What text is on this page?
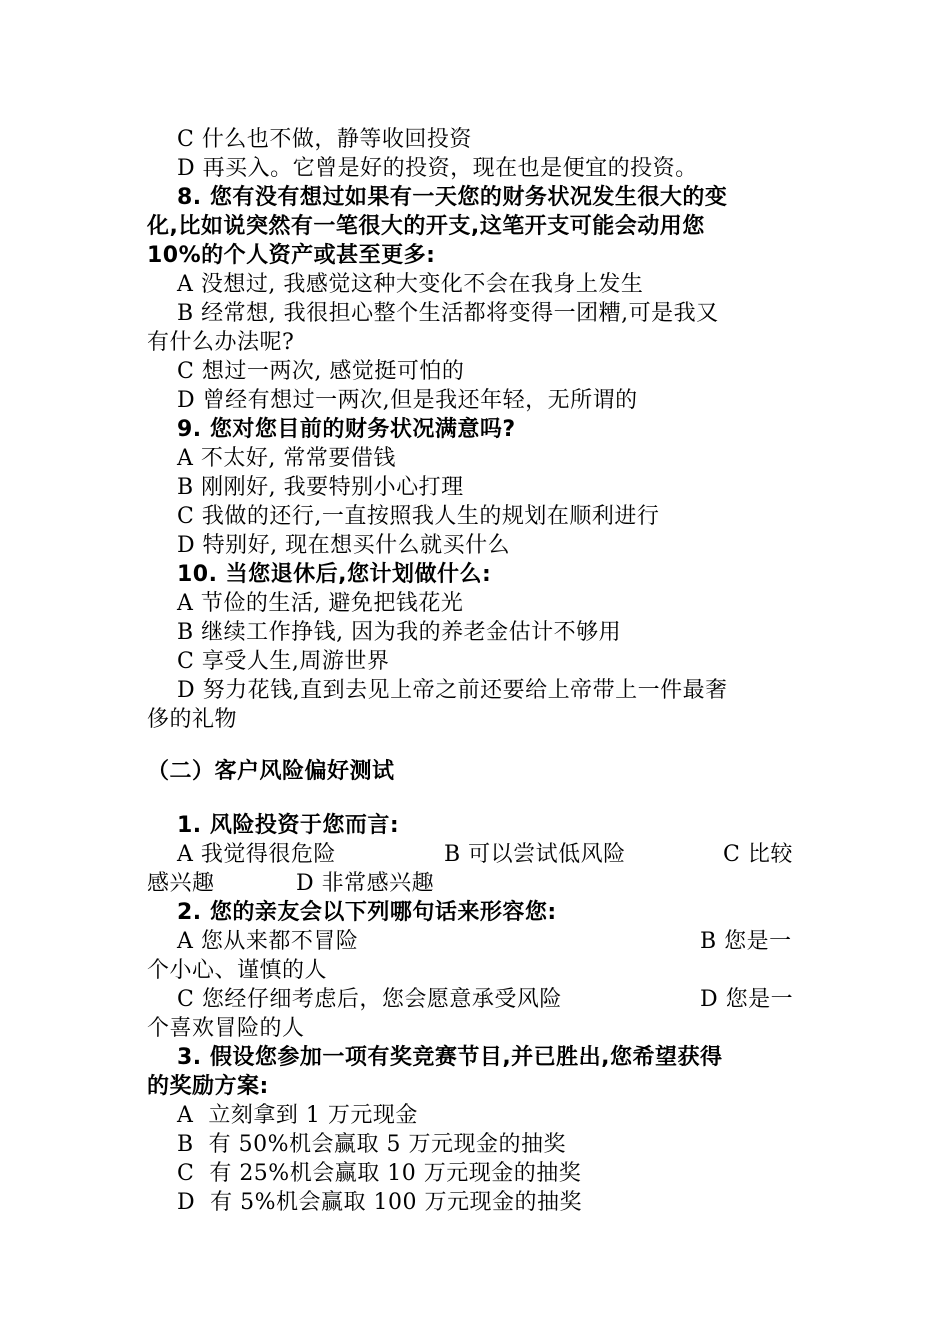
C 什么也不做，静等收回投资
D 再买入。它曾是好的投资，现在也是便宜的投资。
8. 您有没有想过如果有一天您的财务状况发生很大的变
化,比如说突然有一笔很大的开支,这笔开支可能会动用您
10%的个人资产或甚至更多:
A 没想过, 我感觉这种大变化不会在我身上发生
B 经常想, 我很担心整个生活都将变得一团糟,可是我又
有什么办法呢?
C 想过一两次, 感觉挺可怕的
D 曾经有想过一两次,但是我还年轻，无所谓的
9. 您对您目前的财务状况满意吗?
A 不太好, 常常要借钱
B 刚刚好, 我要特别小心打理
C 我做的还行,一直按照我人生的规划在顺利进行
D 特别好, 现在想买什么就买什么
10. 当您退休后,您计划做什么:
A 节俭的生活, 避免把钱花光
B 继续工作挣钱, 因为我的养老金估计不够用
C 享受人生,周游世界
D 努力花钱,直到去见上帝之前还要给上帝带上一件最奢
侈的礼物
（二）客户风险偏好测试
1. 风险投资于您而言:
A 我觉得很危险	B 可以尝试低风险	C 比较
感兴趣	D 非常感兴趣
2. 您的亲友会以下列哪句话来形容您:
A 您从来都不冒险	B 您是一
个小心、谨慎的人
C 您经仔细考虑后，您会愿意承受风险	D 您是一
个喜欢冒险的人
3. 假设您参加一项有奖竞赛节目,并已胜出,您希望获得
的奖励方案:
A  立刻拿到 1 万元现金
B  有 50%机会赢取 5 万元现金的抽奖
C  有 25%机会赢取 10 万元现金的抽奖
D  有 5%机会赢取 100 万元现金的抽奖
